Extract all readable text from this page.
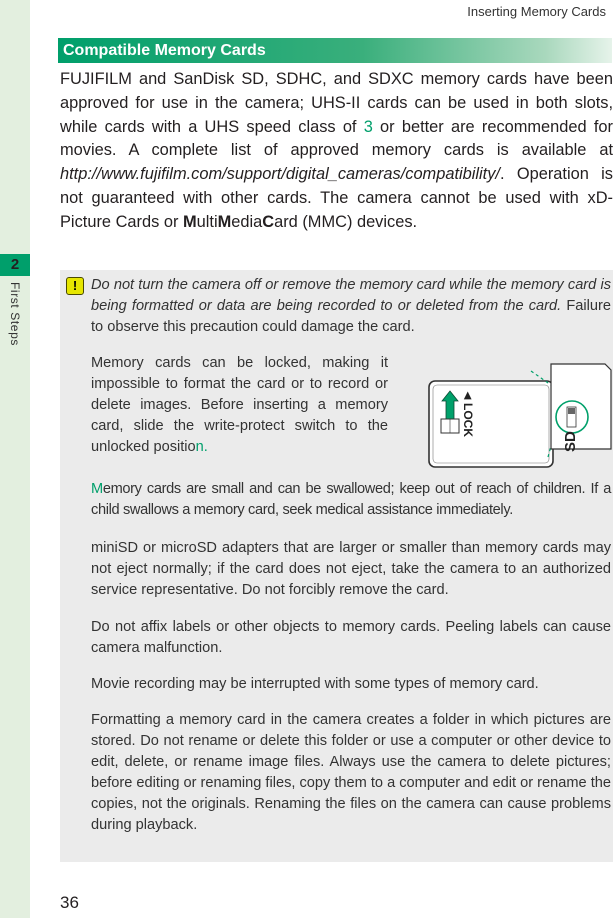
2
First Steps
Inserting Memory Cards
Compatible Memory Cards
FUJIFILM and SanDisk SD, SDHC, and SDXC memory cards have been approved for use in the camera; UHS-II cards can be used in both slots, while cards with a UHS speed class of 3 or better are recommended for movies. A complete list of approved memory cards is available at http://www.fujifilm.com/support/digital_cameras/compatibility/. Operation is not guaranteed with other cards. The camera cannot be used with xD-Picture Cards or MultiMediaCard (MMC) devices.
! Do not turn the camera off or remove the memory card while the memory card is being formatted or data are being recorded to or deleted from the card. Failure to observe this precaution could damage the card.
Memory cards can be locked, making it impossible to format the card or to record or delete images. Before inserting a memory card, slide the write-protect switch to the unlocked position.
◄
LOCK
SD
Memory cards are small and can be swallowed; keep out of reach of children. If a child swallows a memory card, seek medical assistance immediately.
miniSD or microSD adapters that are larger or smaller than memory cards may not eject normally; if the card does not eject, take the camera to an authorized service representative. Do not forcibly remove the card.
Do not affix labels or other objects to memory cards. Peeling labels can cause camera malfunction.
Movie recording may be interrupted with some types of memory card.
Formatting a memory card in the camera creates a folder in which pictures are stored. Do not rename or delete this folder or use a computer or other device to edit, delete, or rename image files. Always use the camera to delete pictures; before editing or renaming files, copy them to a computer and edit or rename the copies, not the originals. Renaming the files on the camera can cause problems during playback.
36
